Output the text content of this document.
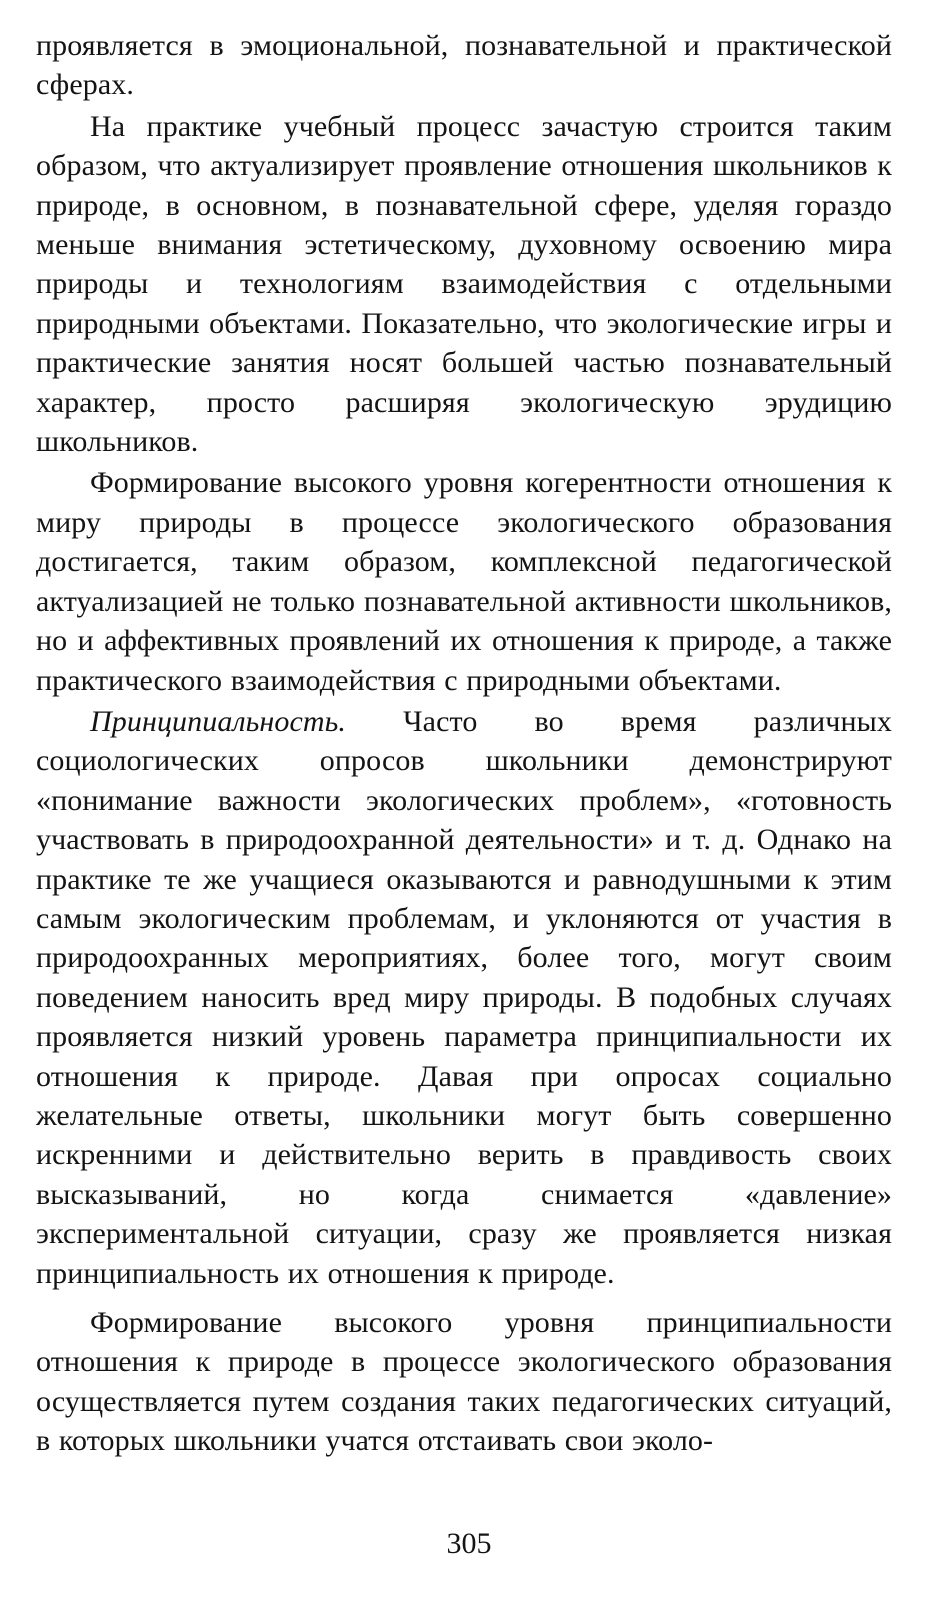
проявляется в эмоциональной, познавательной и практической сферах.

На практике учебный процесс зачастую строится таким образом, что актуализирует проявление отношения школьников к природе, в основном, в познавательной сфере, уделяя гораздо меньше внимания эстетическому, духовному освоению мира природы и технологиям взаимодействия с отдельными природными объектами. Показательно, что экологические игры и практические занятия носят большей частью познавательный характер, просто расширяя экологическую эрудицию школьников.

Формирование высокого уровня когерентности отношения к миру природы в процессе экологического образования достигается, таким образом, комплексной педагогической актуализацией не только познавательной активности школьников, но и аффективных проявлений их отношения к природе, а также практического взаимодействия с природными объектами.

Принципиальность. Часто во время различных социологических опросов школьники демонстрируют «понимание важности экологических проблем», «готовность участвовать в природоохранной деятельности» и т. д. Однако на практике те же учащиеся оказываются и равнодушными к этим самым экологическим проблемам, и уклоняются от участия в природоохранных мероприятиях, более того, могут своим поведением наносить вред миру природы. В подобных случаях проявляется низкий уровень параметра принципиальности их отношения к природе. Давая при опросах социально желательные ответы, школьники могут быть совершенно искренними и действительно верить в правдивость своих высказываний, но когда снимается «давление» экспериментальной ситуации, сразу же проявляется низкая принципиальность их отношения к природе.

Формирование высокого уровня принципиальности отношения к природе в процессе экологического образования осуществляется путем создания таких педагогических ситуаций, в которых школьники учатся отстаивать свои эколо-

305
